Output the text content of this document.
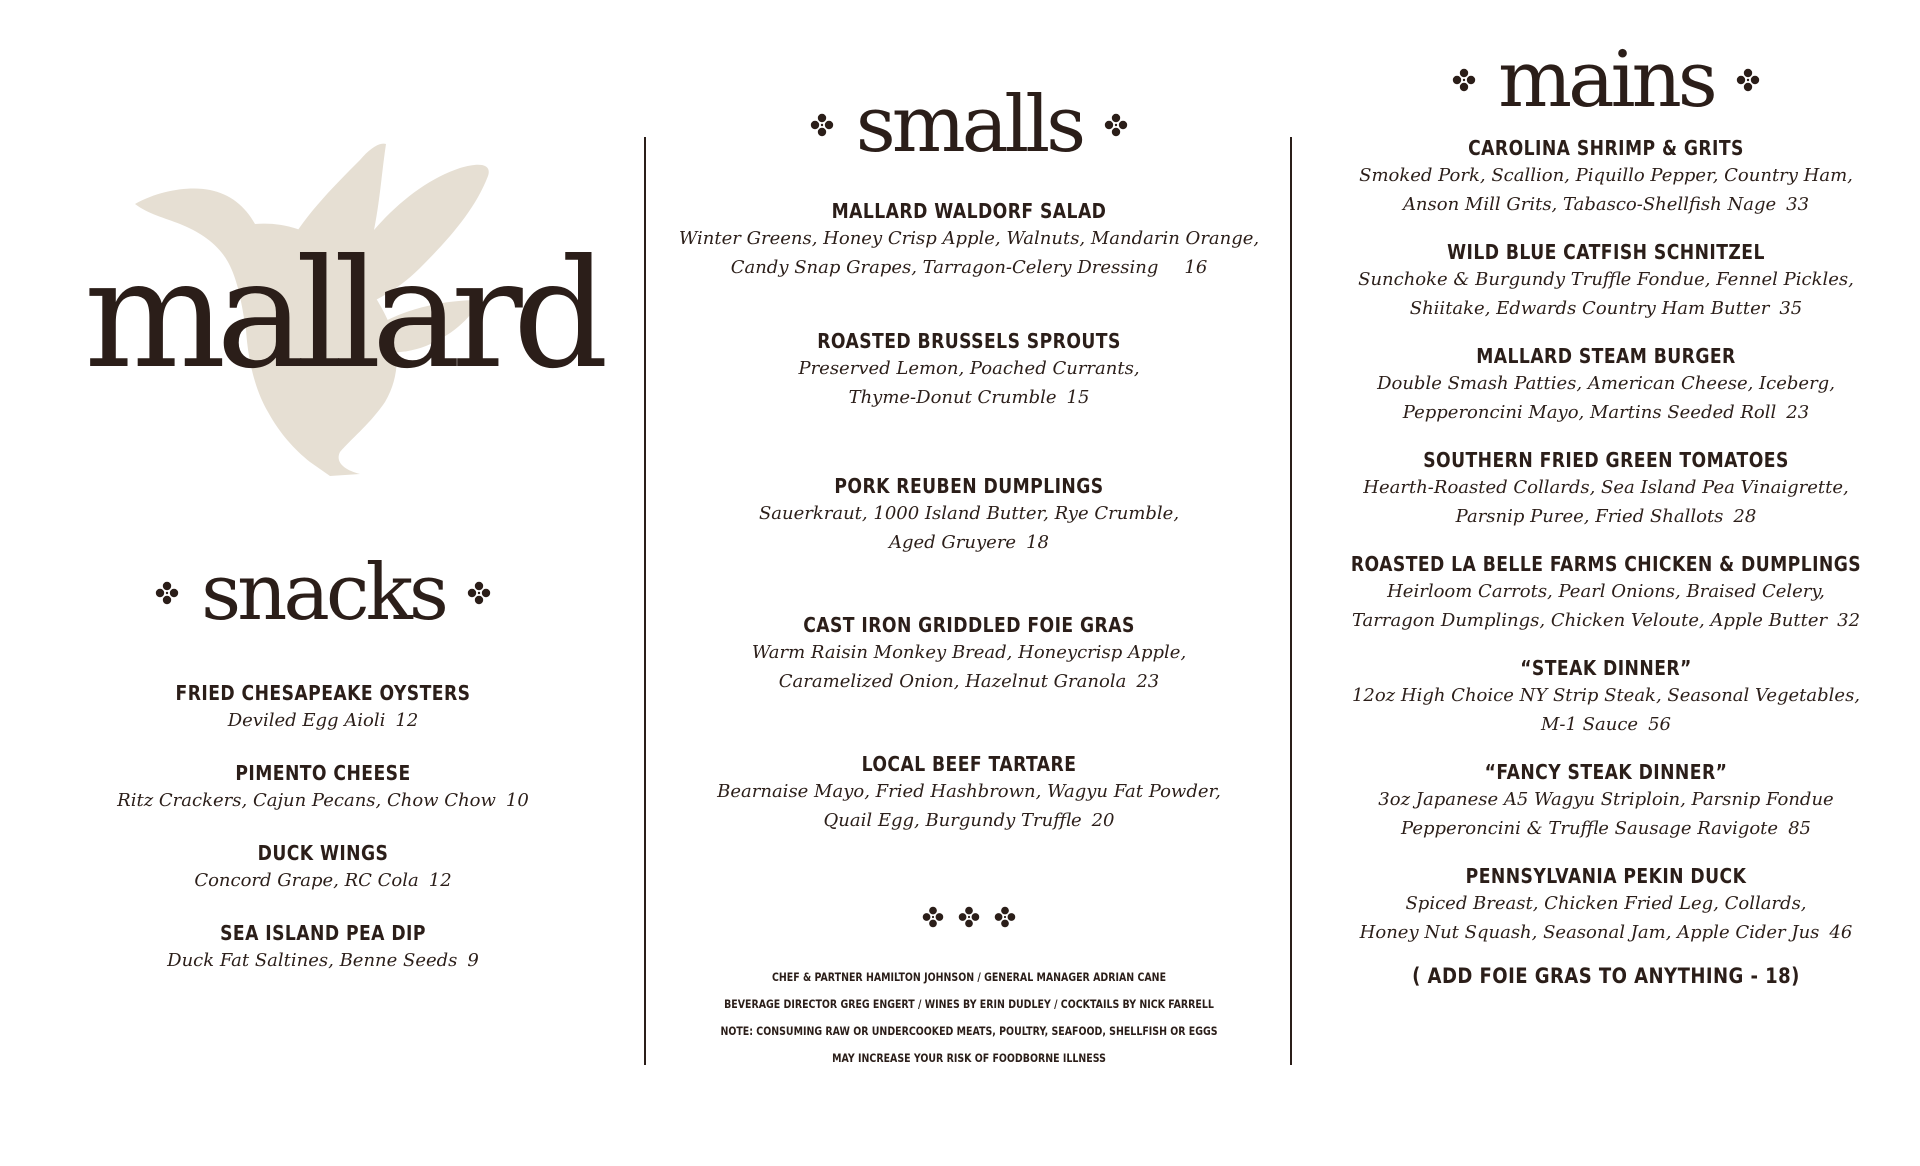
mallard
snacks

FRIED CHESAPEAKE OYSTERS

Deviled Egg Aioli 12

PIMENTO CHEESE

Ritz Crackers, Cajun Pecans, Chow Chow 10

DUCK WINGS

Concord Grape, RC Cola 12

SEA ISLAND PEA DIP

Duck Fat Saltines, Benne Seeds 9

smalls

MALLARD WALDORF SALAD

Winter Greens, Honey Crisp Apple, Walnuts, Mandarin Orange,

Candy Snap Grapes, Tarragon-Celery Dressing 16

ROASTED BRUSSELS SPROUTS

Preserved Lemon, Poached Currants,

Thyme-Donut Crumble 15

PORK REUBEN DUMPLINGS

Sauerkraut, 1000 Island Butter, Rye Crumble,

Aged Gruyere 18

CAST IRON GRIDDLED FOIE GRAS

Warm Raisin Monkey Bread, Honeycrisp Apple,

Caramelized Onion, Hazelnut Granola 23

LOCAL BEEF TARTARE

Bearnaise Mayo, Fried Hashbrown, Wagyu Fat Powder,

Quail Egg, Burgundy Truffle 20

CHEF & PARTNER HAMILTON JOHNSON / GENERAL MANAGER ADRIAN CANE

BEVERAGE DIRECTOR GREG ENGERT / WINES BY ERIN DUDLEY / COCKTAILS BY NICK FARRELL

NOTE: CONSUMING RAW OR UNDERCOOKED MEATS, POULTRY, SEAFOOD, SHELLFISH OR EGGS

MAY INCREASE YOUR RISK OF FOODBORNE ILLNESS

mains

CAROLINA SHRIMP & GRITS

Smoked Pork, Scallion, Piquillo Pepper, Country Ham,

Anson Mill Grits, Tabasco-Shellfish Nage 33

WILD BLUE CATFISH SCHNITZEL

Sunchoke & Burgundy Truffle Fondue, Fennel Pickles,

Shiitake, Edwards Country Ham Butter 35

MALLARD STEAM BURGER

Double Smash Patties, American Cheese, Iceberg,

Pepperoncini Mayo, Martins Seeded Roll 23

SOUTHERN FRIED GREEN TOMATOES

Hearth-Roasted Collards, Sea Island Pea Vinaigrette,

Parsnip Puree, Fried Shallots 28

ROASTED LA BELLE FARMS CHICKEN & DUMPLINGS

Heirloom Carrots, Pearl Onions, Braised Celery,

Tarragon Dumplings, Chicken Veloute, Apple Butter 32

“STEAK DINNER”

12oz High Choice NY Strip Steak, Seasonal Vegetables,

M-1 Sauce 56

“FANCY STEAK DINNER”

3oz Japanese A5 Wagyu Striploin, Parsnip Fondue

Pepperoncini & Truffle Sausage Ravigote 85

PENNSYLVANIA PEKIN DUCK

Spiced Breast, Chicken Fried Leg, Collards,

Honey Nut Squash, Seasonal Jam, Apple Cider Jus 46

( ADD FOIE GRAS TO ANYTHING - 18)
